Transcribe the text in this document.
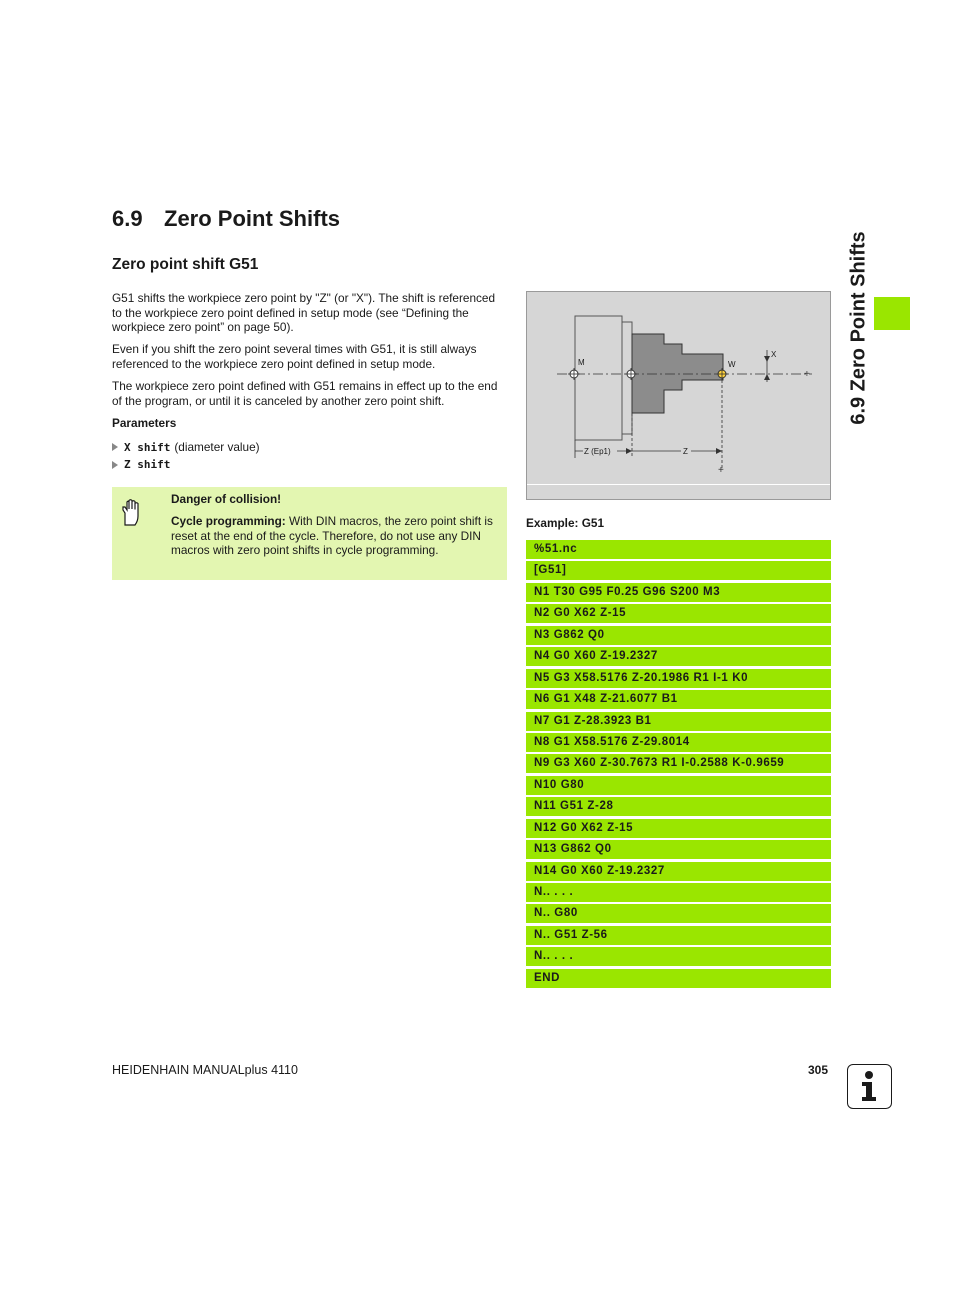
6.9 Zero Point Shifts
Zero point shift G51

G51 shifts the workpiece zero point by "Z" (or "X"). The shift is referenced to the workpiece zero point defined in setup mode (see “Defining the workpiece zero point” on page 50).

Even if you shift the zero point several times with G51, it is still always referenced to the workpiece zero point defined in setup mode.

The workpiece zero point defined with G51 remains in effect up to the end of the program, or until it is canceled by another zero point shift.

Parameters
X shift (diameter value)
Z shift
Danger of collision!

Cycle programming: With DIN macros, the zero point shift is reset at the end of the cycle. Therefore, do not use any DIN macros with zero point shifts in cycle programming.

M	W
X
+
Z (Ep1)	Z
+
Example: G51
%51.nc
[G51]
N1 T30 G95 F0.25 G96 S200 M3
N2 G0 X62 Z-15
N3 G862 Q0
N4 G0 X60 Z-19.2327
N5 G3 X58.5176 Z-20.1986 R1 I-1 K0
N6 G1 X48 Z-21.6077 B1
N7 G1 Z-28.3923 B1
N8 G1 X58.5176 Z-29.8014
N9 G3 X60 Z-30.7673 R1 I-0.2588 K-0.9659
N10 G80
N11 G51 Z-28
N12 G0 X62 Z-15
N13 G862 Q0
N14 G0 X60 Z-19.2327
N.. . . .
N.. G80
N.. G51 Z-56
N.. . . .
END
6.9 Zero Point Shifts
HEIDENHAIN MANUALplus 4110	305
